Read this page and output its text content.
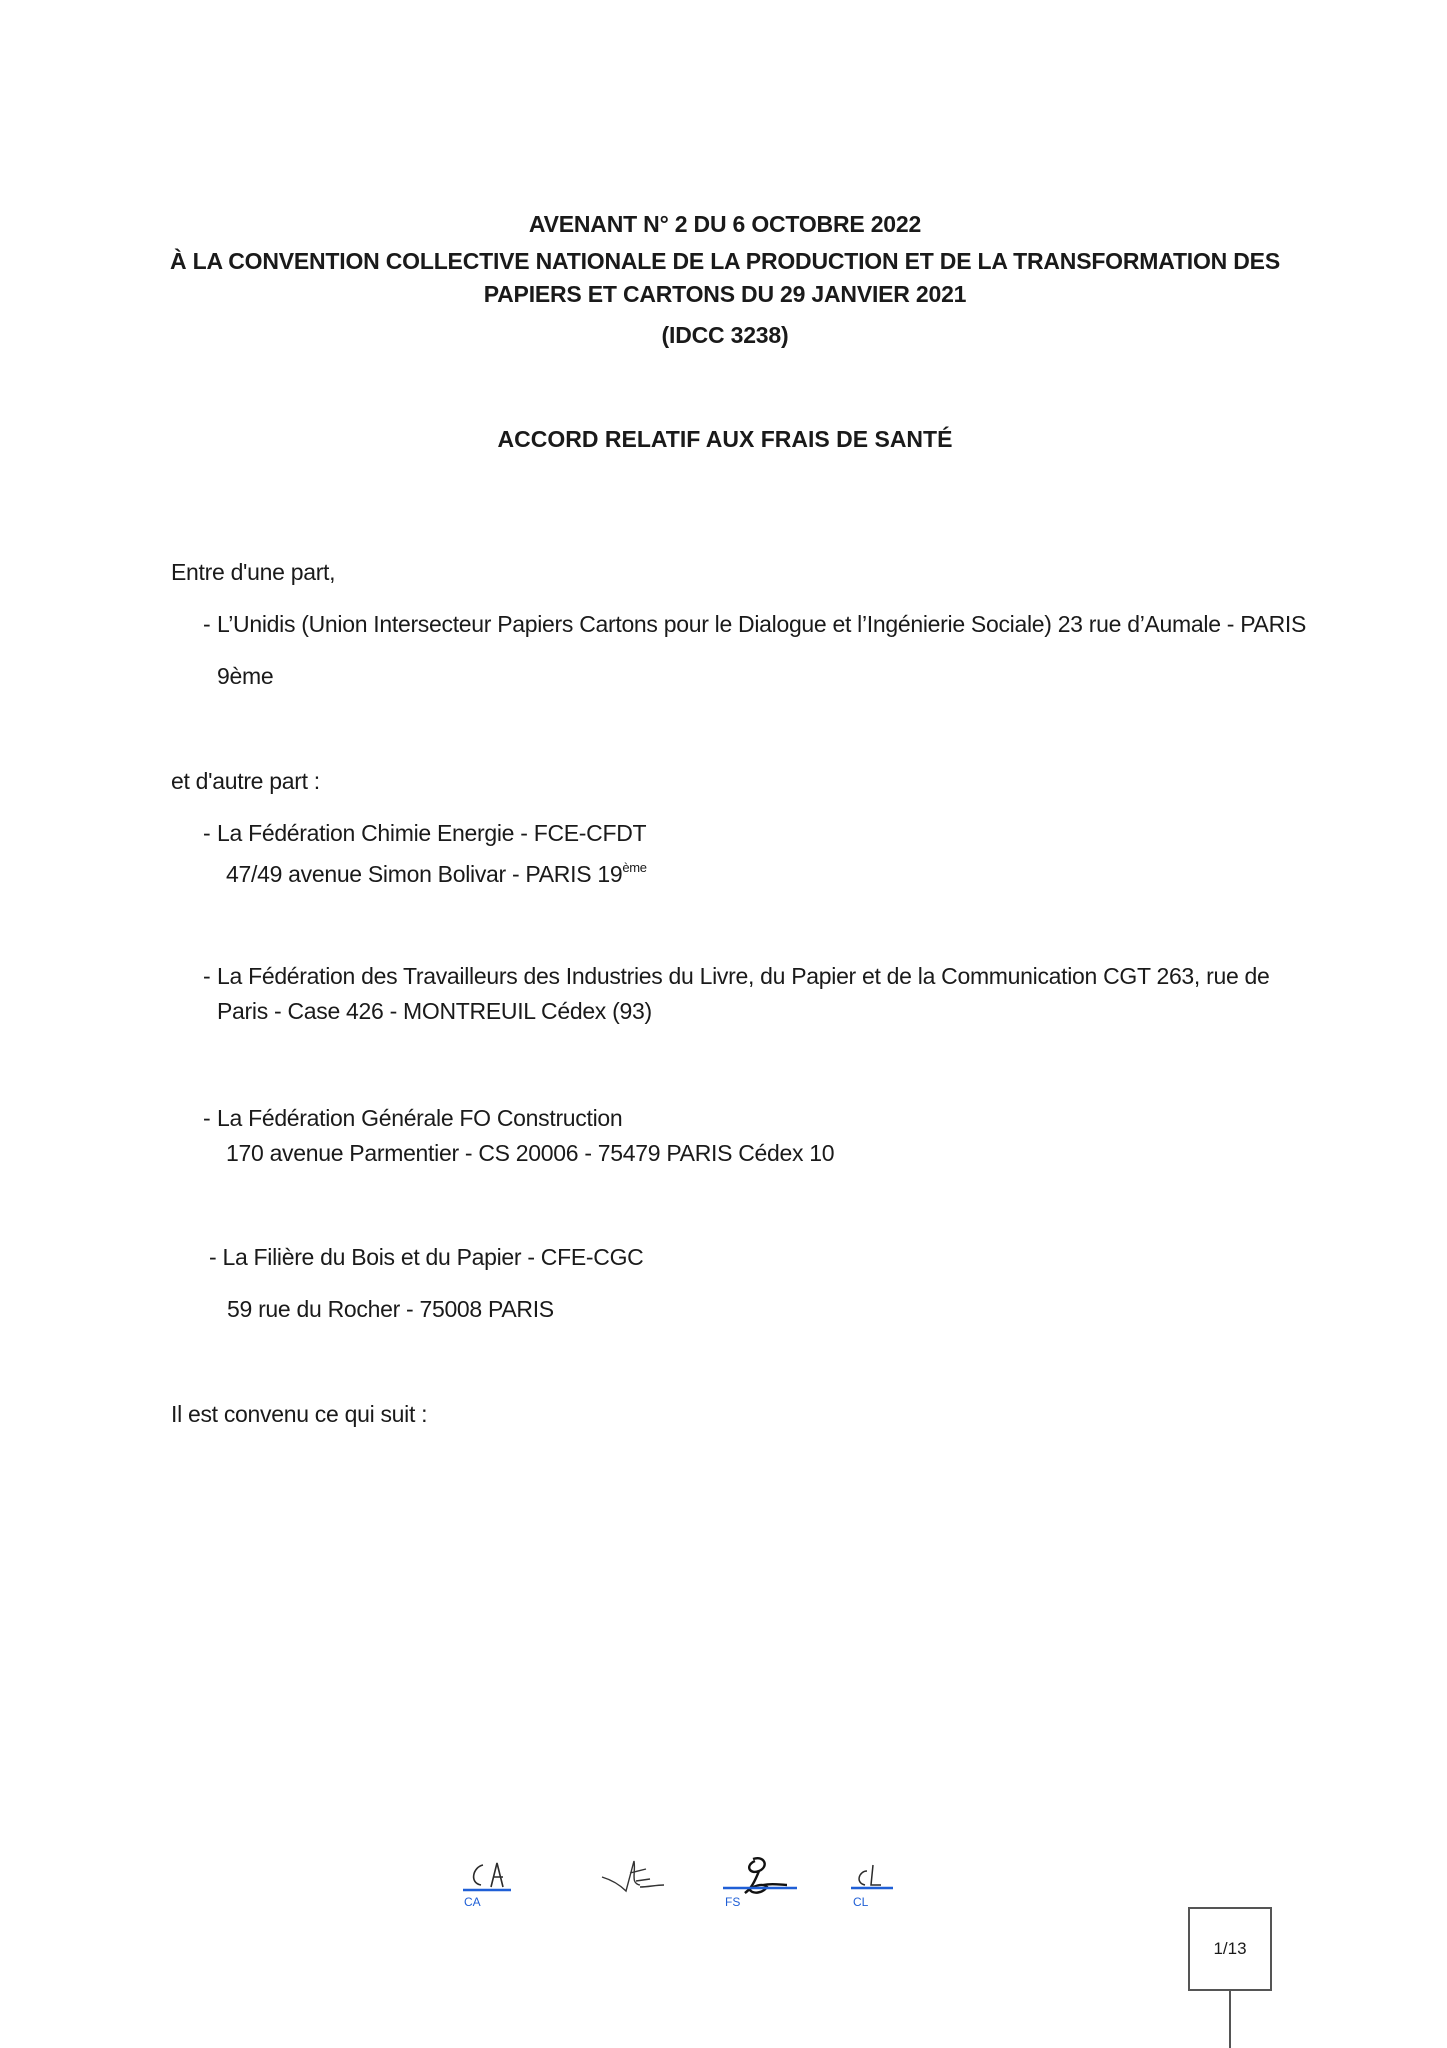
AVENANT N° 2 DU 6 OCTOBRE 2022
À LA CONVENTION COLLECTIVE NATIONALE DE LA PRODUCTION ET DE LA TRANSFORMATION DES
PAPIERS ET CARTONS DU 29 JANVIER 2021
(IDCC 3238)
ACCORD RELATIF AUX FRAIS DE SANTÉ
Entre d'une part,
- L’Unidis (Union Intersecteur Papiers Cartons pour le Dialogue et l’Ingénierie Sociale) 23 rue d’Aumale - PARIS
9ème
et d'autre part :
- La Fédération Chimie Energie - FCE-CFDT
47/49 avenue Simon Bolivar - PARIS 19ème
- La Fédération des Travailleurs des Industries du Livre, du Papier et de la Communication CGT 263, rue de
Paris - Case 426 - MONTREUIL Cédex (93)
- La Fédération Générale FO Construction
170 avenue Parmentier - CS 20006 - 75479 PARIS Cédex 10
- La Filière du Bois et du Papier - CFE-CGC
59 rue du Rocher - 75008 PARIS
Il est convenu ce qui suit :
CA	FS	CL
1/13
